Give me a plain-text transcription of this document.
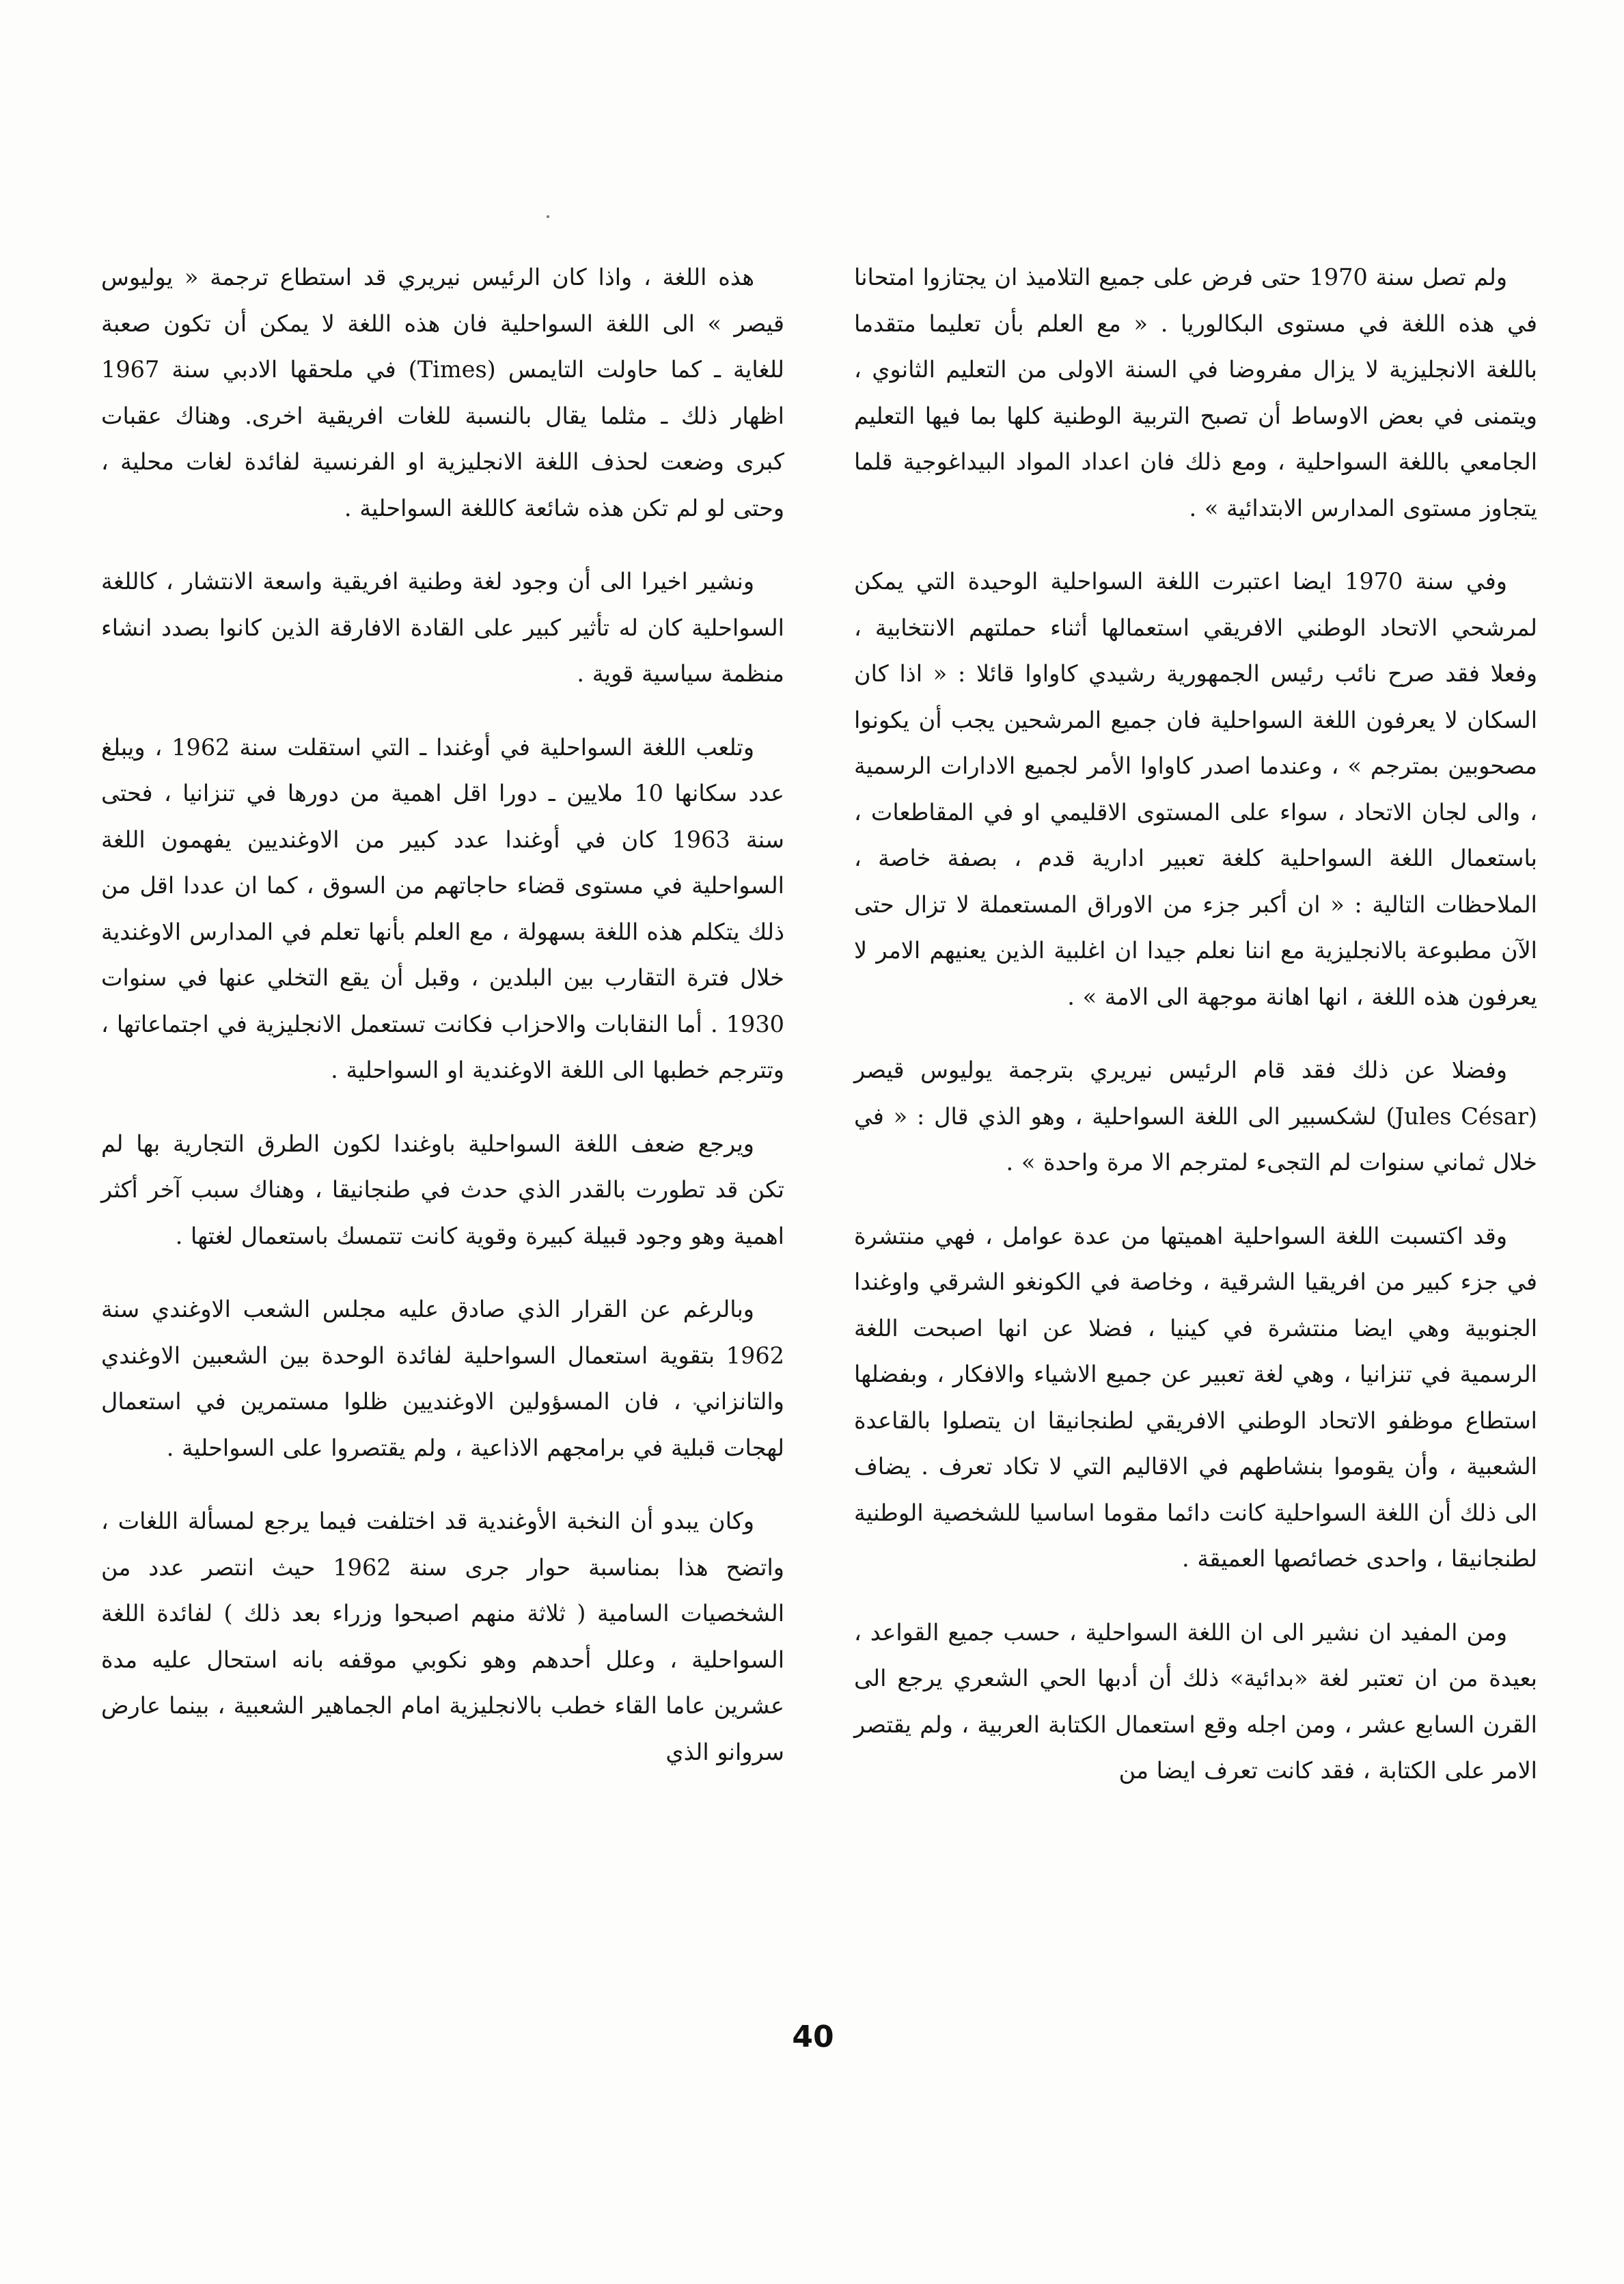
ولم تصل سنة 1970 حتى فرض على جميع التلاميذ ان يجتازوا امتحانا في هذه اللغة في مستوى البكالوريا . « مع العلم بأن تعليما متقدما باللغة الانجليزية لا يزال مفروضا في السنة الاولى من التعليم الثانوي ، ويتمنى في بعض الاوساط أن تصبح التربية الوطنية كلها بما فيها التعليم الجامعي باللغة السواحلية ، ومع ذلك فان اعداد المواد البيداغوجية قلما يتجاوز مستوى المدارس الابتدائية » .

وفي سنة 1970 ايضا اعتبرت اللغة السواحلية الوحيدة التي يمكن لمرشحي الاتحاد الوطني الافريقي استعمالها أثناء حملتهم الانتخابية ، وفعلا فقد صرح نائب رئيس الجمهورية رشيدي كاواوا قائلا : « اذا كان السكان لا يعرفون اللغة السواحلية فان جميع المرشحين يجب أن يكونوا مصحوبين بمترجم » ، وعندما اصدر كاواوا الأمر لجميع الادارات الرسمية ، والى لجان الاتحاد ، سواء على المستوى الاقليمي او في المقاطعات ، باستعمال اللغة السواحلية كلغة تعبير ادارية قدم ، بصفة خاصة ، الملاحظات التالية : « ان أكبر جزء من الاوراق المستعملة لا تزال حتى الآن مطبوعة بالانجليزية مع اننا نعلم جيدا ان اغلبية الذين يعنيهم الامر لا يعرفون هذه اللغة ، انها اهانة موجهة الى الامة » .

وفضلا عن ذلك فقد قام الرئيس نيريري بترجمة يوليوس قيصر (Jules César) لشكسبير الى اللغة السواحلية ، وهو الذي قال : « في خلال ثماني سنوات لم التجىء لمترجم الا مرة واحدة » .

وقد اكتسبت اللغة السواحلية اهميتها من عدة عوامل ، فهي منتشرة في جزء كبير من افريقيا الشرقية ، وخاصة في الكونغو الشرقي واوغندا الجنوبية وهي ايضا منتشرة في كينيا ، فضلا عن انها اصبحت اللغة الرسمية في تنزانيا ، وهي لغة تعبير عن جميع الاشياء والافكار ، وبفضلها استطاع موظفو الاتحاد الوطني الافريقي لطنجانيقا ان يتصلوا بالقاعدة الشعبية ، وأن يقوموا بنشاطهم في الاقاليم التي لا تكاد تعرف . يضاف الى ذلك أن اللغة السواحلية كانت دائما مقوما اساسيا للشخصية الوطنية لطنجانيقا ، واحدى خصائصها العميقة .

ومن المفيد ان نشير الى ان اللغة السواحلية ، حسب جميع القواعد ، بعيدة من ان تعتبر لغة «بدائية» ذلك أن أدبها الحي الشعري يرجع الى القرن السابع عشر ، ومن اجله وقع استعمال الكتابة العربية ، ولم يقتصر الامر على الكتابة ، فقد كانت تعرف ايضا من

هذه اللغة ، واذا كان الرئيس نيريري قد استطاع ترجمة « يوليوس قيصر » الى اللغة السواحلية فان هذه اللغة لا يمكن أن تكون صعبة للغاية ـ كما حاولت التايمس (Times) في ملحقها الادبي سنة 1967 اظهار ذلك ـ مثلما يقال بالنسبة للغات افريقية اخرى. وهناك عقبات كبرى وضعت لحذف اللغة الانجليزية او الفرنسية لفائدة لغات محلية ، وحتى لو لم تكن هذه شائعة كاللغة السواحلية .

ونشير اخيرا الى أن وجود لغة وطنية افريقية واسعة الانتشار ، كاللغة السواحلية كان له تأثير كبير على القادة الافارقة الذين كانوا بصدد انشاء منظمة سياسية قوية .

وتلعب اللغة السواحلية في أوغندا ـ التي استقلت سنة 1962 ، ويبلغ عدد سكانها 10 ملايين ـ دورا اقل اهمية من دورها في تنزانيا ، فحتى سنة 1963 كان في أوغندا عدد كبير من الاوغنديين يفهمون اللغة السواحلية في مستوى قضاء حاجاتهم من السوق ، كما ان عددا اقل من ذلك يتكلم هذه اللغة بسهولة ، مع العلم بأنها تعلم في المدارس الاوغندية خلال فترة التقارب بين البلدين ، وقبل أن يقع التخلي عنها في سنوات 1930 . أما النقابات والاحزاب فكانت تستعمل الانجليزية في اجتماعاتها ، وتترجم خطبها الى اللغة الاوغندية او السواحلية .

ويرجع ضعف اللغة السواحلية باوغندا لكون الطرق التجارية بها لم تكن قد تطورت بالقدر الذي حدث في طنجانيقا ، وهناك سبب آخر أكثر اهمية وهو وجود قبيلة كبيرة وقوية كانت تتمسك باستعمال لغتها .

وبالرغم عن القرار الذي صادق عليه مجلس الشعب الاوغندي سنة 1962 بتقوية استعمال السواحلية لفائدة الوحدة بين الشعبين الاوغندي والتانزاني ، فان المسؤولين الاوغنديين ظلوا مستمرين في استعمال لهجات قبلية في برامجهم الاذاعية ، ولم يقتصروا على السواحلية .

وكان يبدو أن النخبة الأوغندية قد اختلفت فيما يرجع لمسألة اللغات ، واتضح هذا بمناسبة حوار جرى سنة 1962 حيث انتصر عدد من الشخصيات السامية ( ثلاثة منهم اصبحوا وزراء بعد ذلك ) لفائدة اللغة السواحلية ، وعلل أحدهم وهو نكوبي موقفه بانه استحال عليه مدة عشرين عاما القاء خطب بالانجليزية امام الجماهير الشعبية ، بينما عارض سروانو الذي

40
